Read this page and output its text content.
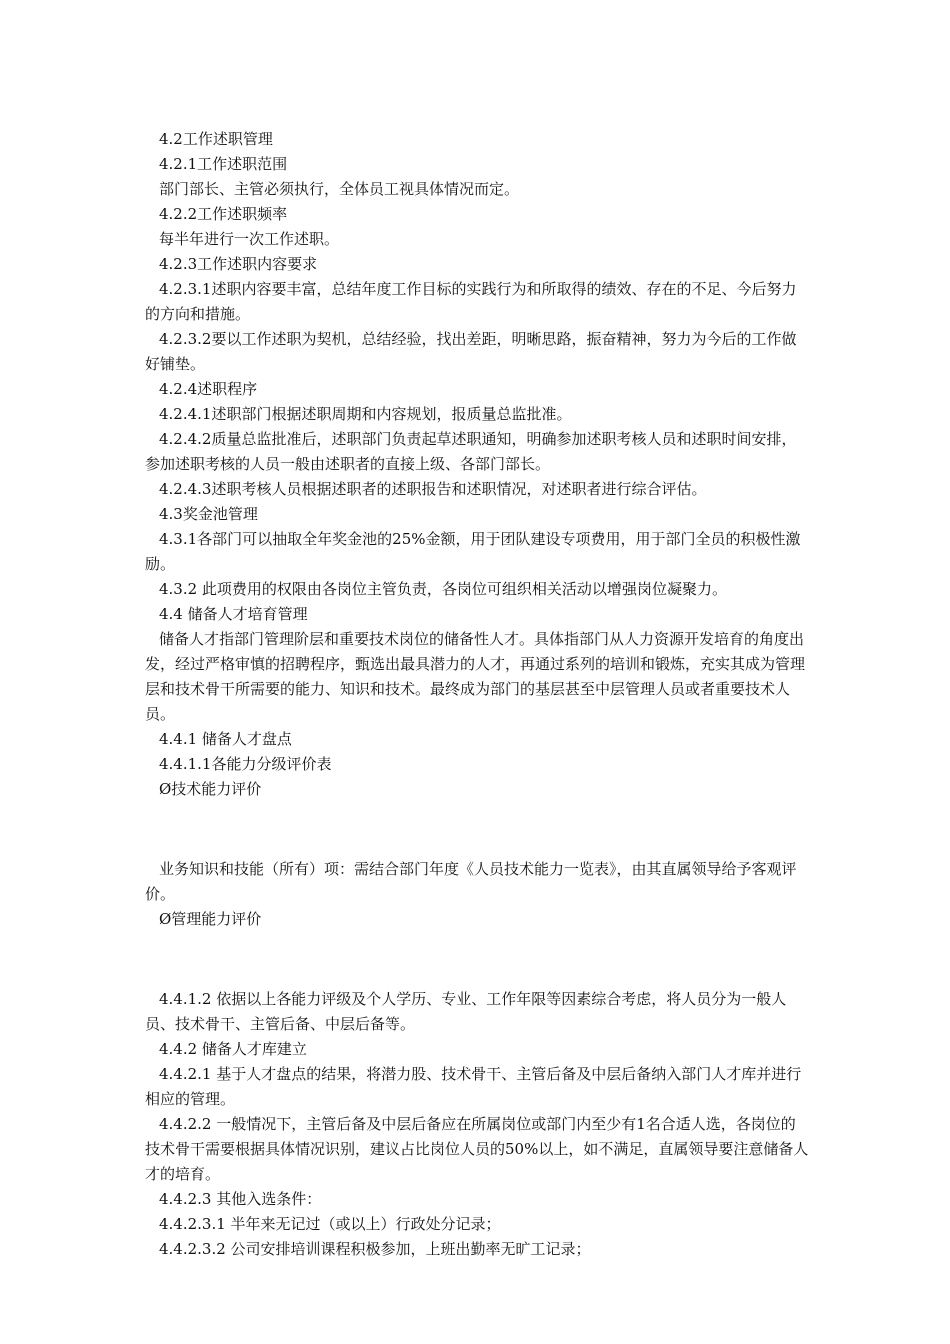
4.2工作述职管理

4.2.1工作述职范围

部门部长、主管必须执行，全体员工视具体情况而定。

4.2.2工作述职频率

每半年进行一次工作述职。

4.2.3工作述职内容要求

4.2.3.1述职内容要丰富，总结年度工作目标的实践行为和所取得的绩效、存在的不足、今后努力的方向和措施。

4.2.3.2要以工作述职为契机，总结经验，找出差距，明晰思路，振奋精神，努力为今后的工作做好铺垫。

4.2.4述职程序

4.2.4.1述职部门根据述职周期和内容规划，报质量总监批准。

4.2.4.2质量总监批准后，述职部门负责起草述职通知，明确参加述职考核人员和述职时间安排，参加述职考核的人员一般由述职者的直接上级、各部门部长。

4.2.4.3述职考核人员根据述职者的述职报告和述职情况，对述职者进行综合评估。

4.3奖金池管理

4.3.1各部门可以抽取全年奖金池的25%金额，用于团队建设专项费用，用于部门全员的积极性激励。

4.3.2 此项费用的权限由各岗位主管负责，各岗位可组织相关活动以增强岗位凝聚力。

4.4 储备人才培育管理

储备人才指部门管理阶层和重要技术岗位的储备性人才。具体指部门从人力资源开发培育的角度出发，经过严格审慎的招聘程序，甄选出最具潜力的人才，再通过系列的培训和锻炼，充实其成为管理层和技术骨干所需要的能力、知识和技术。最终成为部门的基层甚至中层管理人员或者重要技术人员。

4.4.1 储备人才盘点

4.4.1.1各能力分级评价表

Ø技术能力评价

业务知识和技能（所有）项：需结合部门年度《人员技术能力一览表》，由其直属领导给予客观评价。

Ø管理能力评价

4.4.1.2 依据以上各能力评级及个人学历、专业、工作年限等因素综合考虑，将人员分为一般人员、技术骨干、主管后备、中层后备等。

4.4.2 储备人才库建立

4.4.2.1 基于人才盘点的结果，将潜力股、技术骨干、主管后备及中层后备纳入部门人才库并进行相应的管理。

4.4.2.2 一般情况下，主管后备及中层后备应在所属岗位或部门内至少有1名合适人选，各岗位的技术骨干需要根据具体情况识别，建议占比岗位人员的50%以上，如不满足，直属领导要注意储备人才的培育。

4.4.2.3 其他入选条件：

4.4.2.3.1 半年来无记过（或以上）行政处分记录；

4.4.2.3.2 公司安排培训课程积极参加，上班出勤率无旷工记录；
